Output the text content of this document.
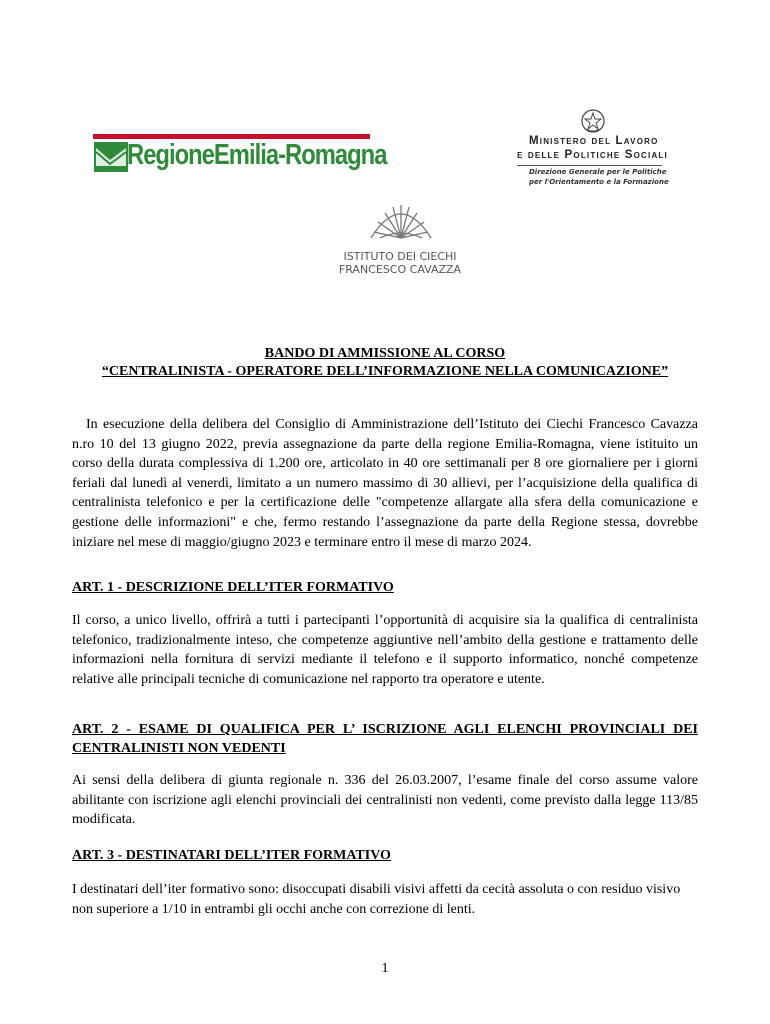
RegioneEmilia-Romagna	Ministero del Lavoro
e delle Politiche Sociali
Direzione Generale per le Politiche
per l'Orientamento e la Formazione
ISTITUTO DEI CIECHI
FRANCESCO CAVAZZA
BANDO DI AMMISSIONE AL CORSO
“CENTRALINISTA - OPERATORE DELL’INFORMAZIONE NELLA COMUNICAZIONE”

In esecuzione della delibera del Consiglio di Amministrazione dell’Istituto dei Ciechi Francesco Cavazza n.ro 10 del 13 giugno 2022, previa assegnazione da parte della regione Emilia-Romagna, viene istituito un corso della durata complessiva di 1.200 ore, articolato in 40 ore settimanali per 8 ore giornaliere per i giorni feriali dal lunedì al venerdì, limitato a un numero massimo di 30 allievi, per l’acquisizione della qualifica di centralinista telefonico e per la certificazione delle "competenze allargate alla sfera della comunicazione e gestione delle informazioni" e che, fermo restando l’assegnazione da parte della Regione stessa, dovrebbe iniziare nel mese di maggio/giugno 2023 e terminare entro il mese di marzo 2024.

ART. 1 - DESCRIZIONE DELL’ITER FORMATIVO

Il corso, a unico livello, offrirà a tutti i partecipanti l’opportunità di acquisire sia la qualifica di centralinista telefonico, tradizionalmente inteso, che competenze aggiuntive nell’ambito della gestione e trattamento delle informazioni nella fornitura di servizi mediante il telefono e il supporto informatico, nonché competenze relative alle principali tecniche di comunicazione nel rapporto tra operatore e utente.

ART. 2 - ESAME DI QUALIFICA PER L’ ISCRIZIONE AGLI ELENCHI PROVINCIALI DEI CENTRALINISTI NON VEDENTI

Ai sensi della delibera di giunta regionale n. 336 del 26.03.2007, l’esame finale del corso assume valore abilitante con iscrizione agli elenchi provinciali dei centralinisti non vedenti, come previsto dalla legge 113/85 modificata.

ART. 3 - DESTINATARI DELL’ITER FORMATIVO

I destinatari dell’iter formativo sono: disoccupati disabili visivi affetti da cecità assoluta o con residuo visivo non superiore a 1/10 in entrambi gli occhi anche con correzione di lenti.

1
